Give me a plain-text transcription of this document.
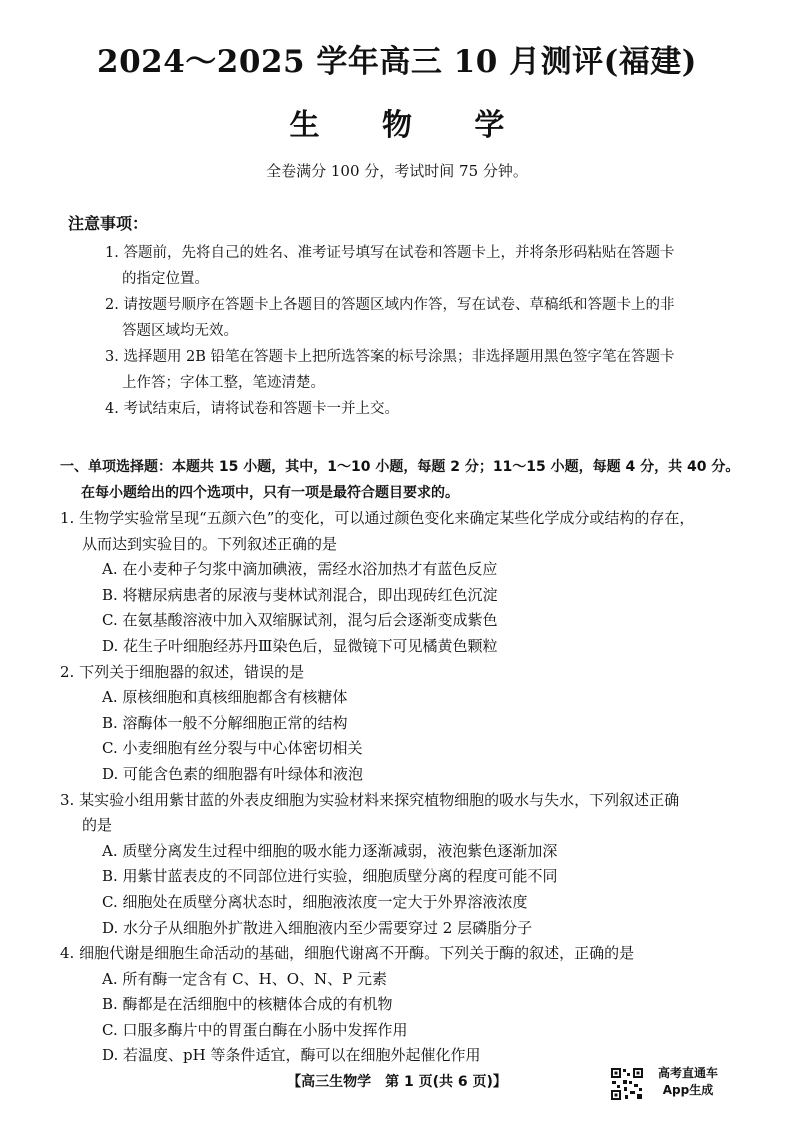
2024～2025 学年高三 10 月测评(福建)
生 物 学
全卷满分 100 分，考试时间 75 分钟。
注意事项：
1. 答题前，先将自己的姓名、准考证号填写在试卷和答题卡上，并将条形码粘贴在答题卡
的指定位置。
2. 请按题号顺序在答题卡上各题目的答题区域内作答，写在试卷、草稿纸和答题卡上的非
答题区域均无效。
3. 选择题用 2B 铅笔在答题卡上把所选答案的标号涂黑；非选择题用黑色签字笔在答题卡
上作答；字体工整，笔迹清楚。
4. 考试结束后，请将试卷和答题卡一并上交。
一、单项选择题：本题共 15 小题，其中，1～10 小题，每题 2 分；11～15 小题，每题 4 分，共 40 分。
在每小题给出的四个选项中，只有一项是最符合题目要求的。
1. 生物学实验常呈现“五颜六色”的变化，可以通过颜色变化来确定某些化学成分或结构的存在，
从而达到实验目的。下列叙述正确的是
A. 在小麦种子匀浆中滴加碘液，需经水浴加热才有蓝色反应
B. 将糖尿病患者的尿液与斐林试剂混合，即出现砖红色沉淀
C. 在氨基酸溶液中加入双缩脲试剂，混匀后会逐渐变成紫色
D. 花生子叶细胞经苏丹Ⅲ染色后，显微镜下可见橘黄色颗粒
2. 下列关于细胞器的叙述，错误的是
A. 原核细胞和真核细胞都含有核糖体
B. 溶酶体一般不分解细胞正常的结构
C. 小麦细胞有丝分裂与中心体密切相关
D. 可能含色素的细胞器有叶绿体和液泡
3. 某实验小组用紫甘蓝的外表皮细胞为实验材料来探究植物细胞的吸水与失水，下列叙述正确
的是
A. 质壁分离发生过程中细胞的吸水能力逐渐减弱，液泡紫色逐渐加深
B. 用紫甘蓝表皮的不同部位进行实验，细胞质壁分离的程度可能不同
C. 细胞处在质壁分离状态时，细胞液浓度一定大于外界溶液浓度
D. 水分子从细胞外扩散进入细胞液内至少需要穿过 2 层磷脂分子
4. 细胞代谢是细胞生命活动的基础，细胞代谢离不开酶。下列关于酶的叙述，正确的是
A. 所有酶一定含有 C、H、O、N、P 元素
B. 酶都是在活细胞中的核糖体合成的有机物
C. 口服多酶片中的胃蛋白酶在小肠中发挥作用
D. 若温度、pH 等条件适宜，酶可以在细胞外起催化作用
【高三生物学　第 1 页(共 6 页)】
高考直通车
App生成
